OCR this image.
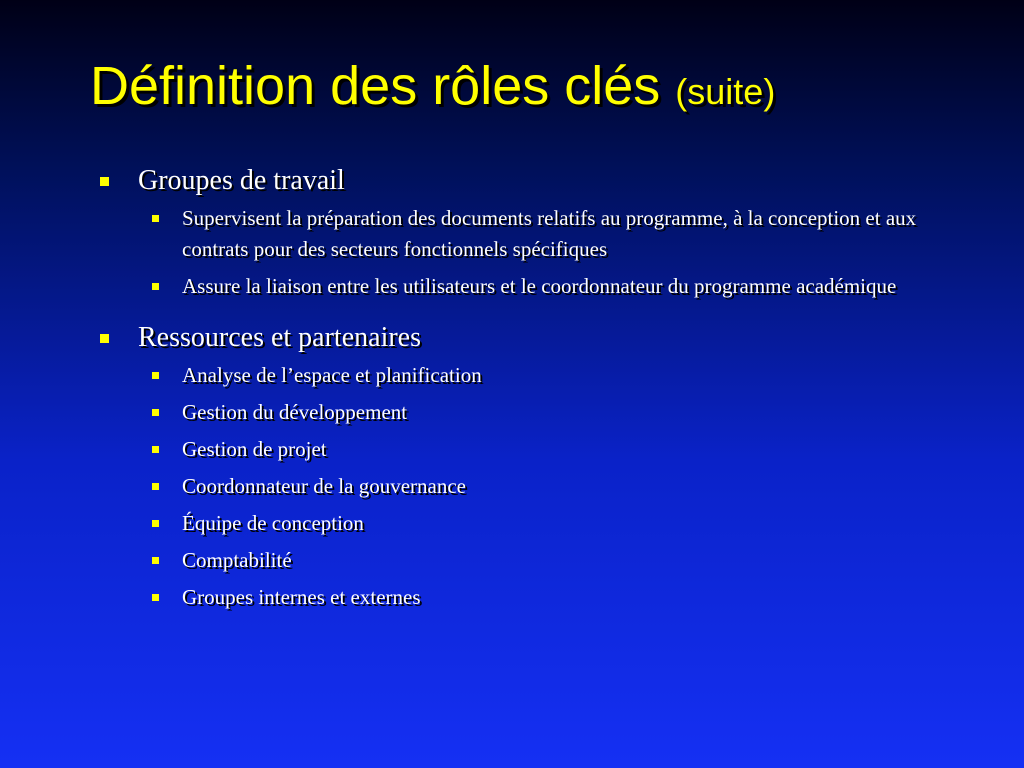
Définition des rôles clés (suite)
Groupes de travail
Supervisent la préparation des documents relatifs au programme, à la conception et aux contrats pour des secteurs fonctionnels spécifiques
Assure la liaison entre les utilisateurs et le coordonnateur du programme académique
Ressources et partenaires
Analyse de l’espace et planification
Gestion du développement
Gestion de projet
Coordonnateur de la gouvernance
Équipe de conception
Comptabilité
Groupes internes et externes
